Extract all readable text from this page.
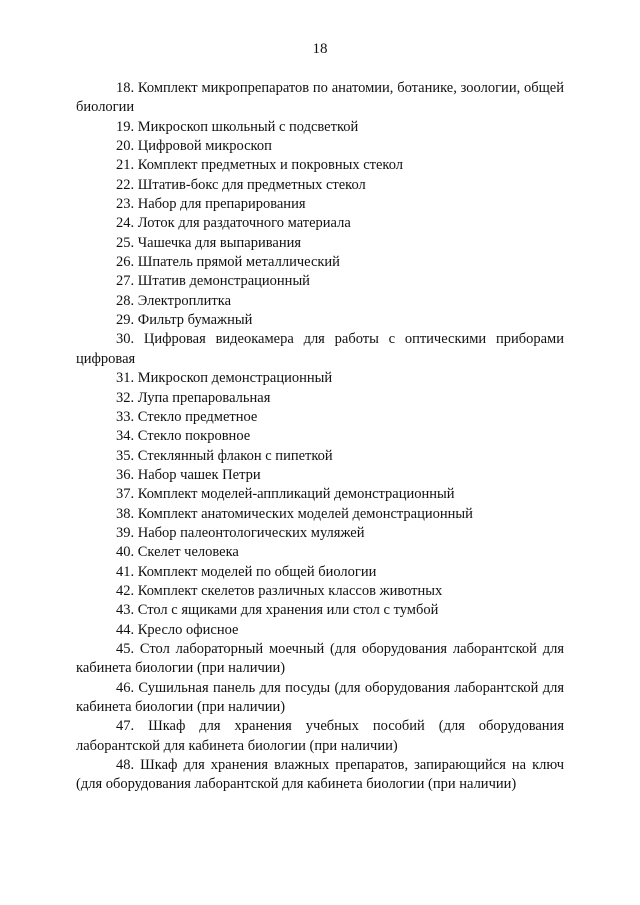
18

18. Комплект микропрепаратов по анатомии, ботанике, зоологии, общей биологии

19. Микроскоп школьный с подсветкой

20. Цифровой микроскоп

21. Комплект предметных и покровных стекол

22. Штатив-бокс для предметных стекол

23. Набор для препарирования

24. Лоток для раздаточного материала

25. Чашечка для выпаривания

26. Шпатель прямой металлический

27. Штатив демонстрационный

28. Электроплитка

29. Фильтр бумажный

30. Цифровая видеокамера для работы с оптическими приборами цифровая

31. Микроскоп демонстрационный

32. Лупа препаровальная

33. Стекло предметное

34. Стекло покровное

35. Стеклянный флакон с пипеткой

36. Набор чашек Петри

37. Комплект моделей-аппликаций демонстрационный

38. Комплект анатомических моделей демонстрационный

39. Набор палеонтологических муляжей

40. Скелет человека

41. Комплект моделей по общей биологии

42. Комплект скелетов различных классов животных

43. Стол с ящиками для хранения или стол с тумбой

44. Кресло офисное

45. Стол лабораторный моечный (для оборудования лаборантской для кабинета биологии (при наличии)

46. Сушильная панель для посуды (для оборудования лаборантской для кабинета биологии (при наличии)

47. Шкаф для хранения учебных пособий (для оборудования лаборантской для кабинета биологии (при наличии)

48. Шкаф для хранения влажных препаратов, запирающийся на ключ (для оборудования лаборантской для кабинета биологии (при наличии)
